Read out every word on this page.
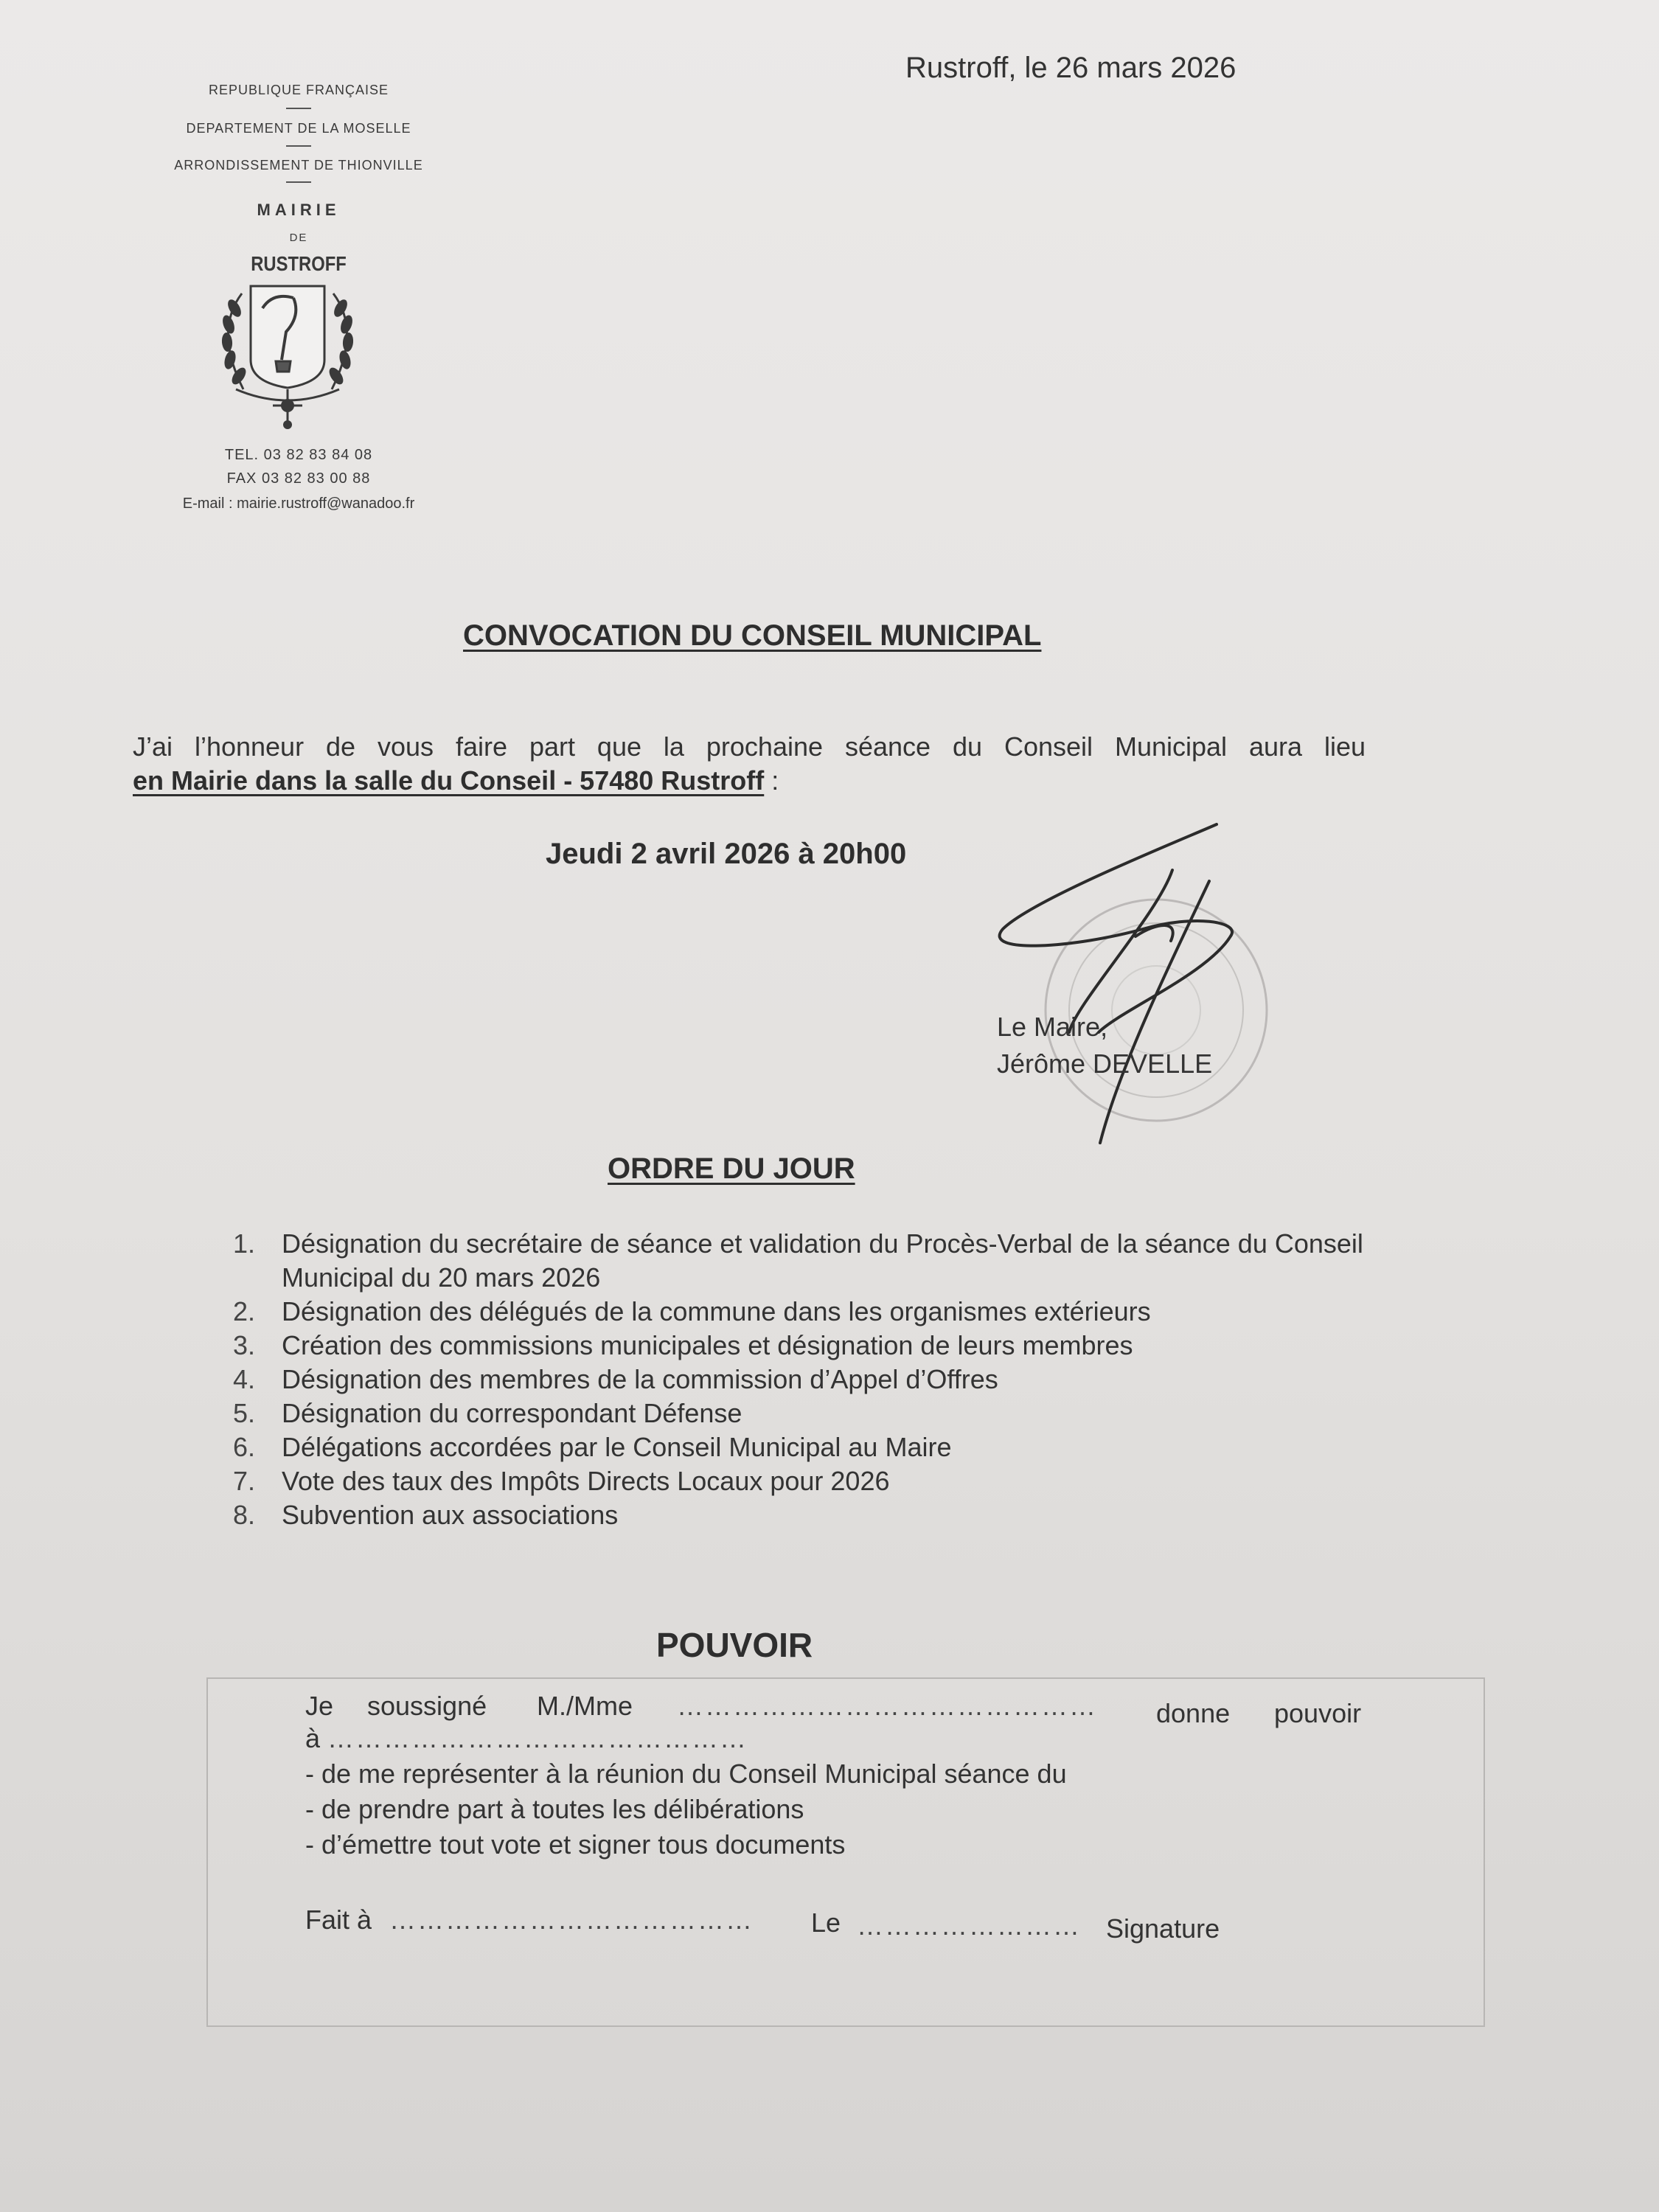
REPUBLIQUE FRANÇAISE
DEPARTEMENT DE LA MOSELLE
ARRONDISSEMENT DE THIONVILLE
MAIRIE
DE
RUSTROFF
TEL. 03 82 83 84 08
FAX 03 82 83 00 88
E-mail : mairie.rustroff@wanadoo.fr
Rustroff, le 26 mars 2026
CONVOCATION DU CONSEIL MUNICIPAL
J’ai l’honneur de vous faire part que la prochaine séance du Conseil Municipal aura lieu
en Mairie dans la salle du Conseil - 57480 Rustroff :
Jeudi 2 avril 2026 à 20h00
Le Maire,
Jérôme DEVELLE
ORDRE DU JOUR
1. Désignation du secrétaire de séance et validation du Procès-Verbal de la séance du Conseil Municipal du 20 mars 2026
2. Désignation des délégués de la commune dans les organismes extérieurs
3. Création des commissions municipales et désignation de leurs membres
4. Désignation des membres de la commission d’Appel d’Offres
5. Désignation du correspondant Défense
6. Délégations accordées par le Conseil Municipal au Maire
7. Vote des taux des Impôts Directs Locaux pour 2026
8. Subvention aux associations
POUVOIR
Je soussigné M./Mme ……………………………………… donne pouvoir
à ………………………………………
- de me représenter à la réunion du Conseil Municipal séance du
- de prendre part à toutes les délibérations
- d’émettre tout vote et signer tous documents
Fait à ………………………………… Le …………………… Signature
